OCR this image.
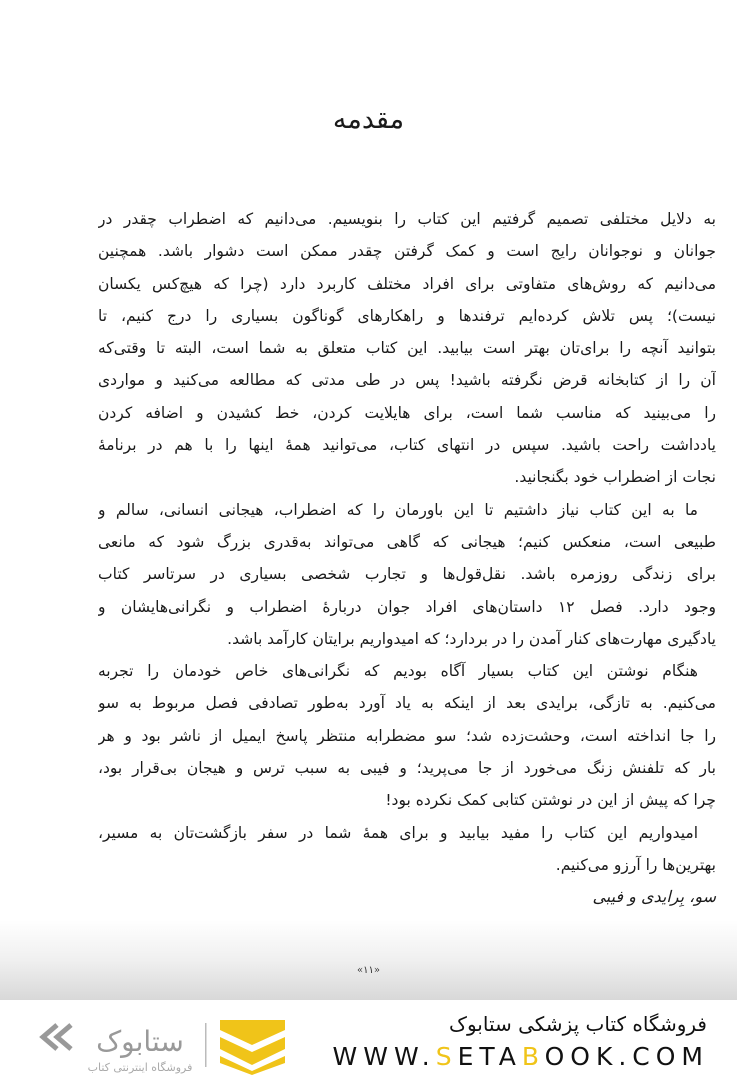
مقدمه
به دلایل مختلفی تصمیم گرفتیم این کتاب را بنویسیم. می‌دانیم که اضطراب چقدر در
جوانان و نوجوانان رایج است و کمک گرفتن چقدر ممکن است دشوار باشد. همچنین
می‌دانیم که روش‌های متفاوتی برای افراد مختلف کاربرد دارد (چرا که هیچ‌کس یکسان
نیست)؛ پس تلاش کرده‌ایم ترفندها و راهکارهای گوناگون بسیاری را درج کنیم، تا
بتوانید آنچه را برای‌تان بهتر است بیابید. این کتاب متعلق به شما است، البته تا وقتی‌که
آن را از کتابخانه قرض نگرفته باشید! پس در طی مدتی که مطالعه می‌کنید و مواردی
را می‌بینید که مناسب شما است، برای هایلایت کردن، خط کشیدن و اضافه کردن
یادداشت راحت باشید. سپس در انتهای کتاب، می‌توانید همهٔ اینها را با هم در برنامهٔ
نجات از اضطراب خود بگنجانید.
ما به این کتاب نیاز داشتیم تا این باورمان را که اضطراب، هیجانی انسانی، سالم و
طبیعی است، منعکس کنیم؛ هیجانی که گاهی می‌تواند به‌قدری بزرگ شود که مانعی
برای زندگی روزمره باشد. نقل‌قول‌ها و تجارب شخصی بسیاری در سرتاسر کتاب
وجود دارد. فصل ۱۲ داستان‌های افراد جوان دربارهٔ اضطراب و نگرانی‌هایشان و
یادگیری مهارت‌های کنار آمدن را در بردارد؛ که امیدواریم برایتان کارآمد باشد.
هنگام نوشتن این کتاب بسیار آگاه بودیم که نگرانی‌های خاص خودمان را تجربه
می‌کنیم. به تازگی، برایدی بعد از اینکه به یاد آورد به‌طور تصادفی فصل مربوط به سو
را جا انداخته است، وحشت‌زده شد؛ سو مضطرابه منتظر پاسخ ایمیل از ناشر بود و هر
بار که تلفنش زنگ می‌خورد از جا می‌پرید؛ و فیبی به سبب ترس و هیجان بی‌قرار بود،
چرا که پیش از این در نوشتن کتابی کمک نکرده بود!
امیدواریم این کتاب را مفید بیابید و برای همهٔ شما در سفر بازگشت‌تان به مسیر،
بهترین‌ها را آرزو می‌کنیم.
سو، بِرایدی و فیبی
«۱۱»
ستابوک
فروشگاه اینترنتی کتاب
فروشگاه کتاب پزشکی ستابوک
WWW.SETABOOK.COM
